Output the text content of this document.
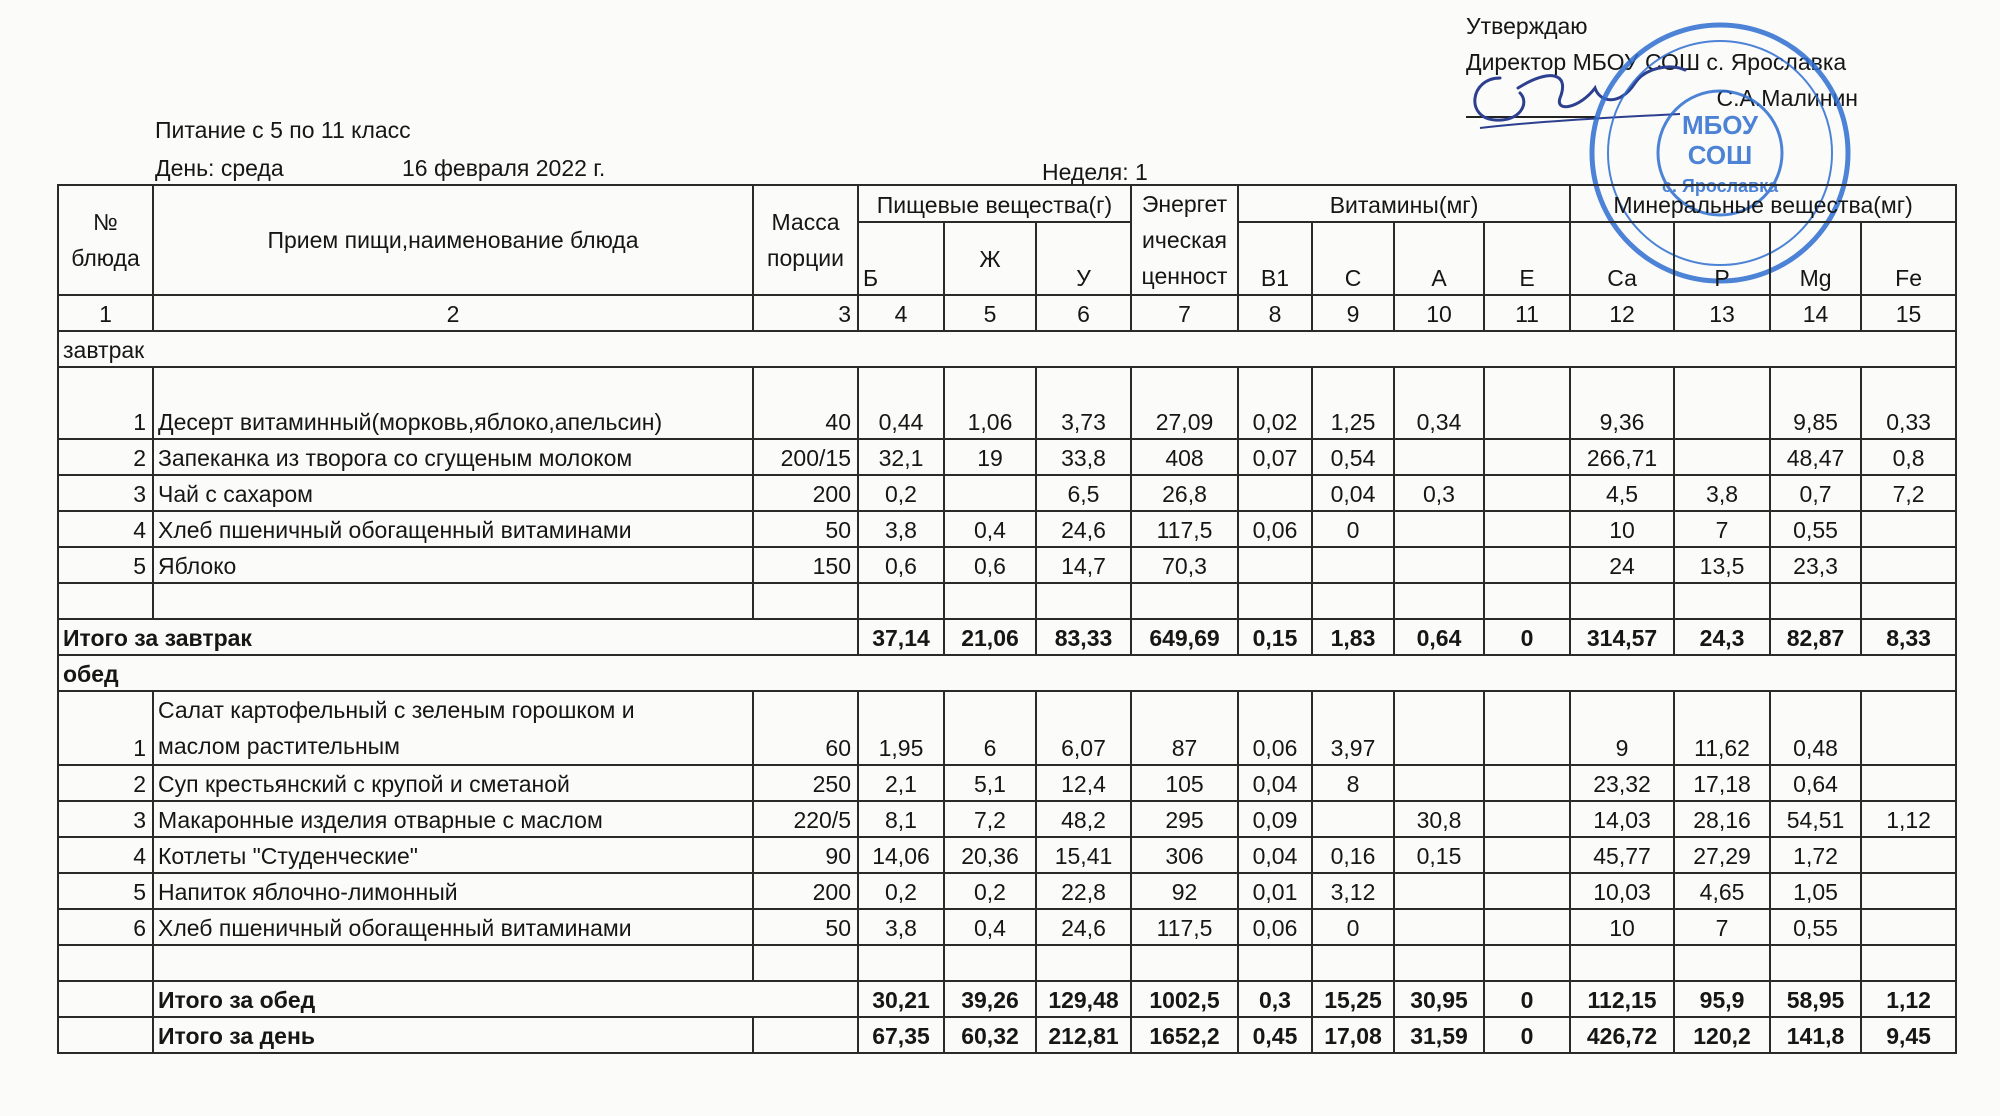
Утверждаю
Директор МБОУ СОШ с. Ярославка
С.А.Малинин
МБОУ
СОШ
с. Ярославка
Питание с 5 по 11 класс
День: среда	16 февраля 2022 г.	Неделя: 1
№ блюда	Прием пищи,наименование блюда	Масса порции	Пищевые вещества(г)			Энергет ическая ценност	Витамины(мг)				Минеральные вещества(мг)			
			Б	Ж	У		В1	С	А	Е	Са	Р	Mg	Fe
1	2	3	4	5	6	7	8	9	10	11	12	13	14	15
завтрак														
1	Десерт витаминный(морковь,яблоко,апельсин)	40	0,44	1,06	3,73	27,09	0,02	1,25	0,34		9,36		9,85	0,33
2	Запеканка из творога со сгущеным молоком	200/15	32,1	19	33,8	408	0,07	0,54			266,71		48,47	0,8
3	Чай с сахаром	200	0,2		6,5	26,8		0,04	0,3		4,5	3,8	0,7	7,2
4	Хлеб пшеничный обогащенный витаминами	50	3,8	0,4	24,6	117,5	0,06	0			10	7	0,55	
5	Яблоко	150	0,6	0,6	14,7	70,3					24	13,5	23,3	

Итого за завтрак			37,14	21,06	83,33	649,69	0,15	1,83	0,64	0	314,57	24,3	82,87	8,33
обед														
1	Салат картофельный с зеленым горошком и
маслом растительным	60	1,95	6	6,07	87	0,06	3,97			9	11,62	0,48	
2	Суп крестьянский с крупой и сметаной	250	2,1	5,1	12,4	105	0,04	8			23,32	17,18	0,64	
3	Макаронные изделия отварные с маслом	220/5	8,1	7,2	48,2	295	0,09		30,8		14,03	28,16	54,51	1,12
4	Котлеты "Студенческие"	90	14,06	20,36	15,41	306	0,04	0,16	0,15		45,77	27,29	1,72	
5	Напиток яблочно-лимонный	200	0,2	0,2	22,8	92	0,01	3,12			10,03	4,65	1,05	
6	Хлеб пшеничный обогащенный витаминами	50	3,8	0,4	24,6	117,5	0,06	0			10	7	0,55	

	Итого за обед		30,21	39,26	129,48	1002,5	0,3	15,25	30,95	0	112,15	95,9	58,95	1,12
	Итого за день		67,35	60,32	212,81	1652,2	0,45	17,08	31,59	0	426,72	120,2	141,8	9,45
